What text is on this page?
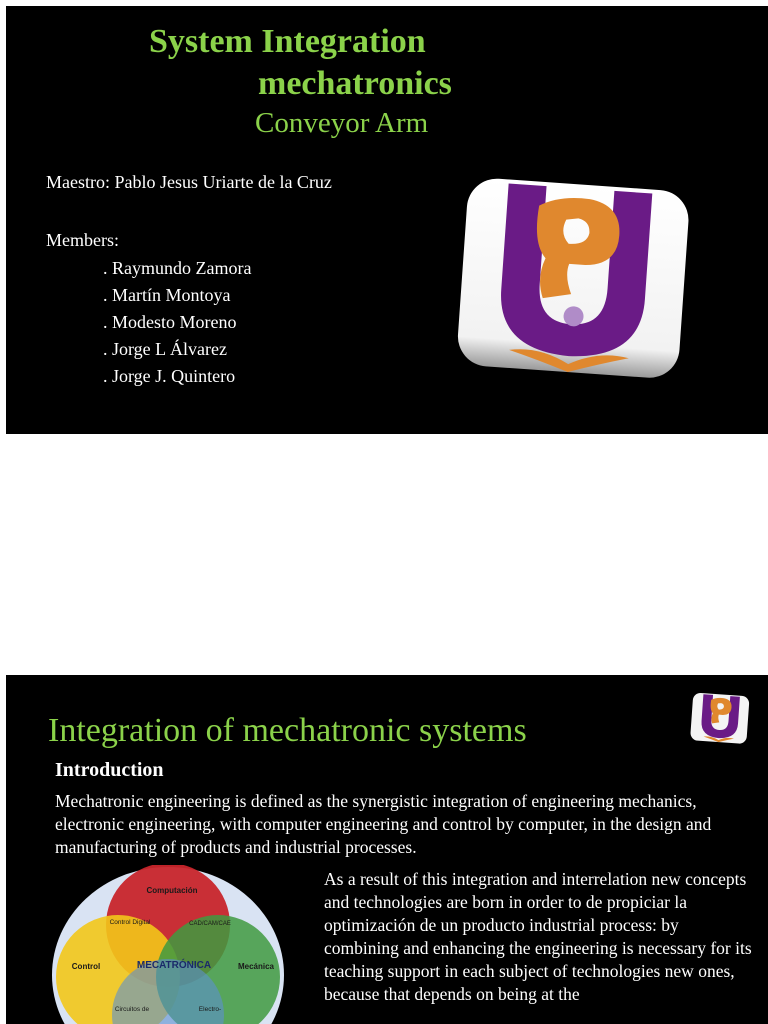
System Integration
mechatronics
Conveyor Arm
Maestro: Pablo Jesus Uriarte de la Cruz
Members:
. Raymundo Zamora
. Martín Montoya
. Modesto Moreno
. Jorge L Álvarez
. Jorge J. Quintero
Integration of mechatronic systems
Introduction
Mechatronic engineering is defined as the synergistic integration of engineering mechanics, electronic engineering, with computer engineering and control by computer, in the design and manufacturing of products and industrial processes.
As a result of this integration and interrelation new concepts and technologies are born in order to de propiciar la optimización de un producto industrial process: by combining and enhancing the engineering is necessary for its teaching support in each subject of technologies new ones, because that depends on being at the
Computación
Control Digital	CAD/CAM/CAE
Control	MECATRÓNICA	Mecánica
Circuitos de	Electro-
